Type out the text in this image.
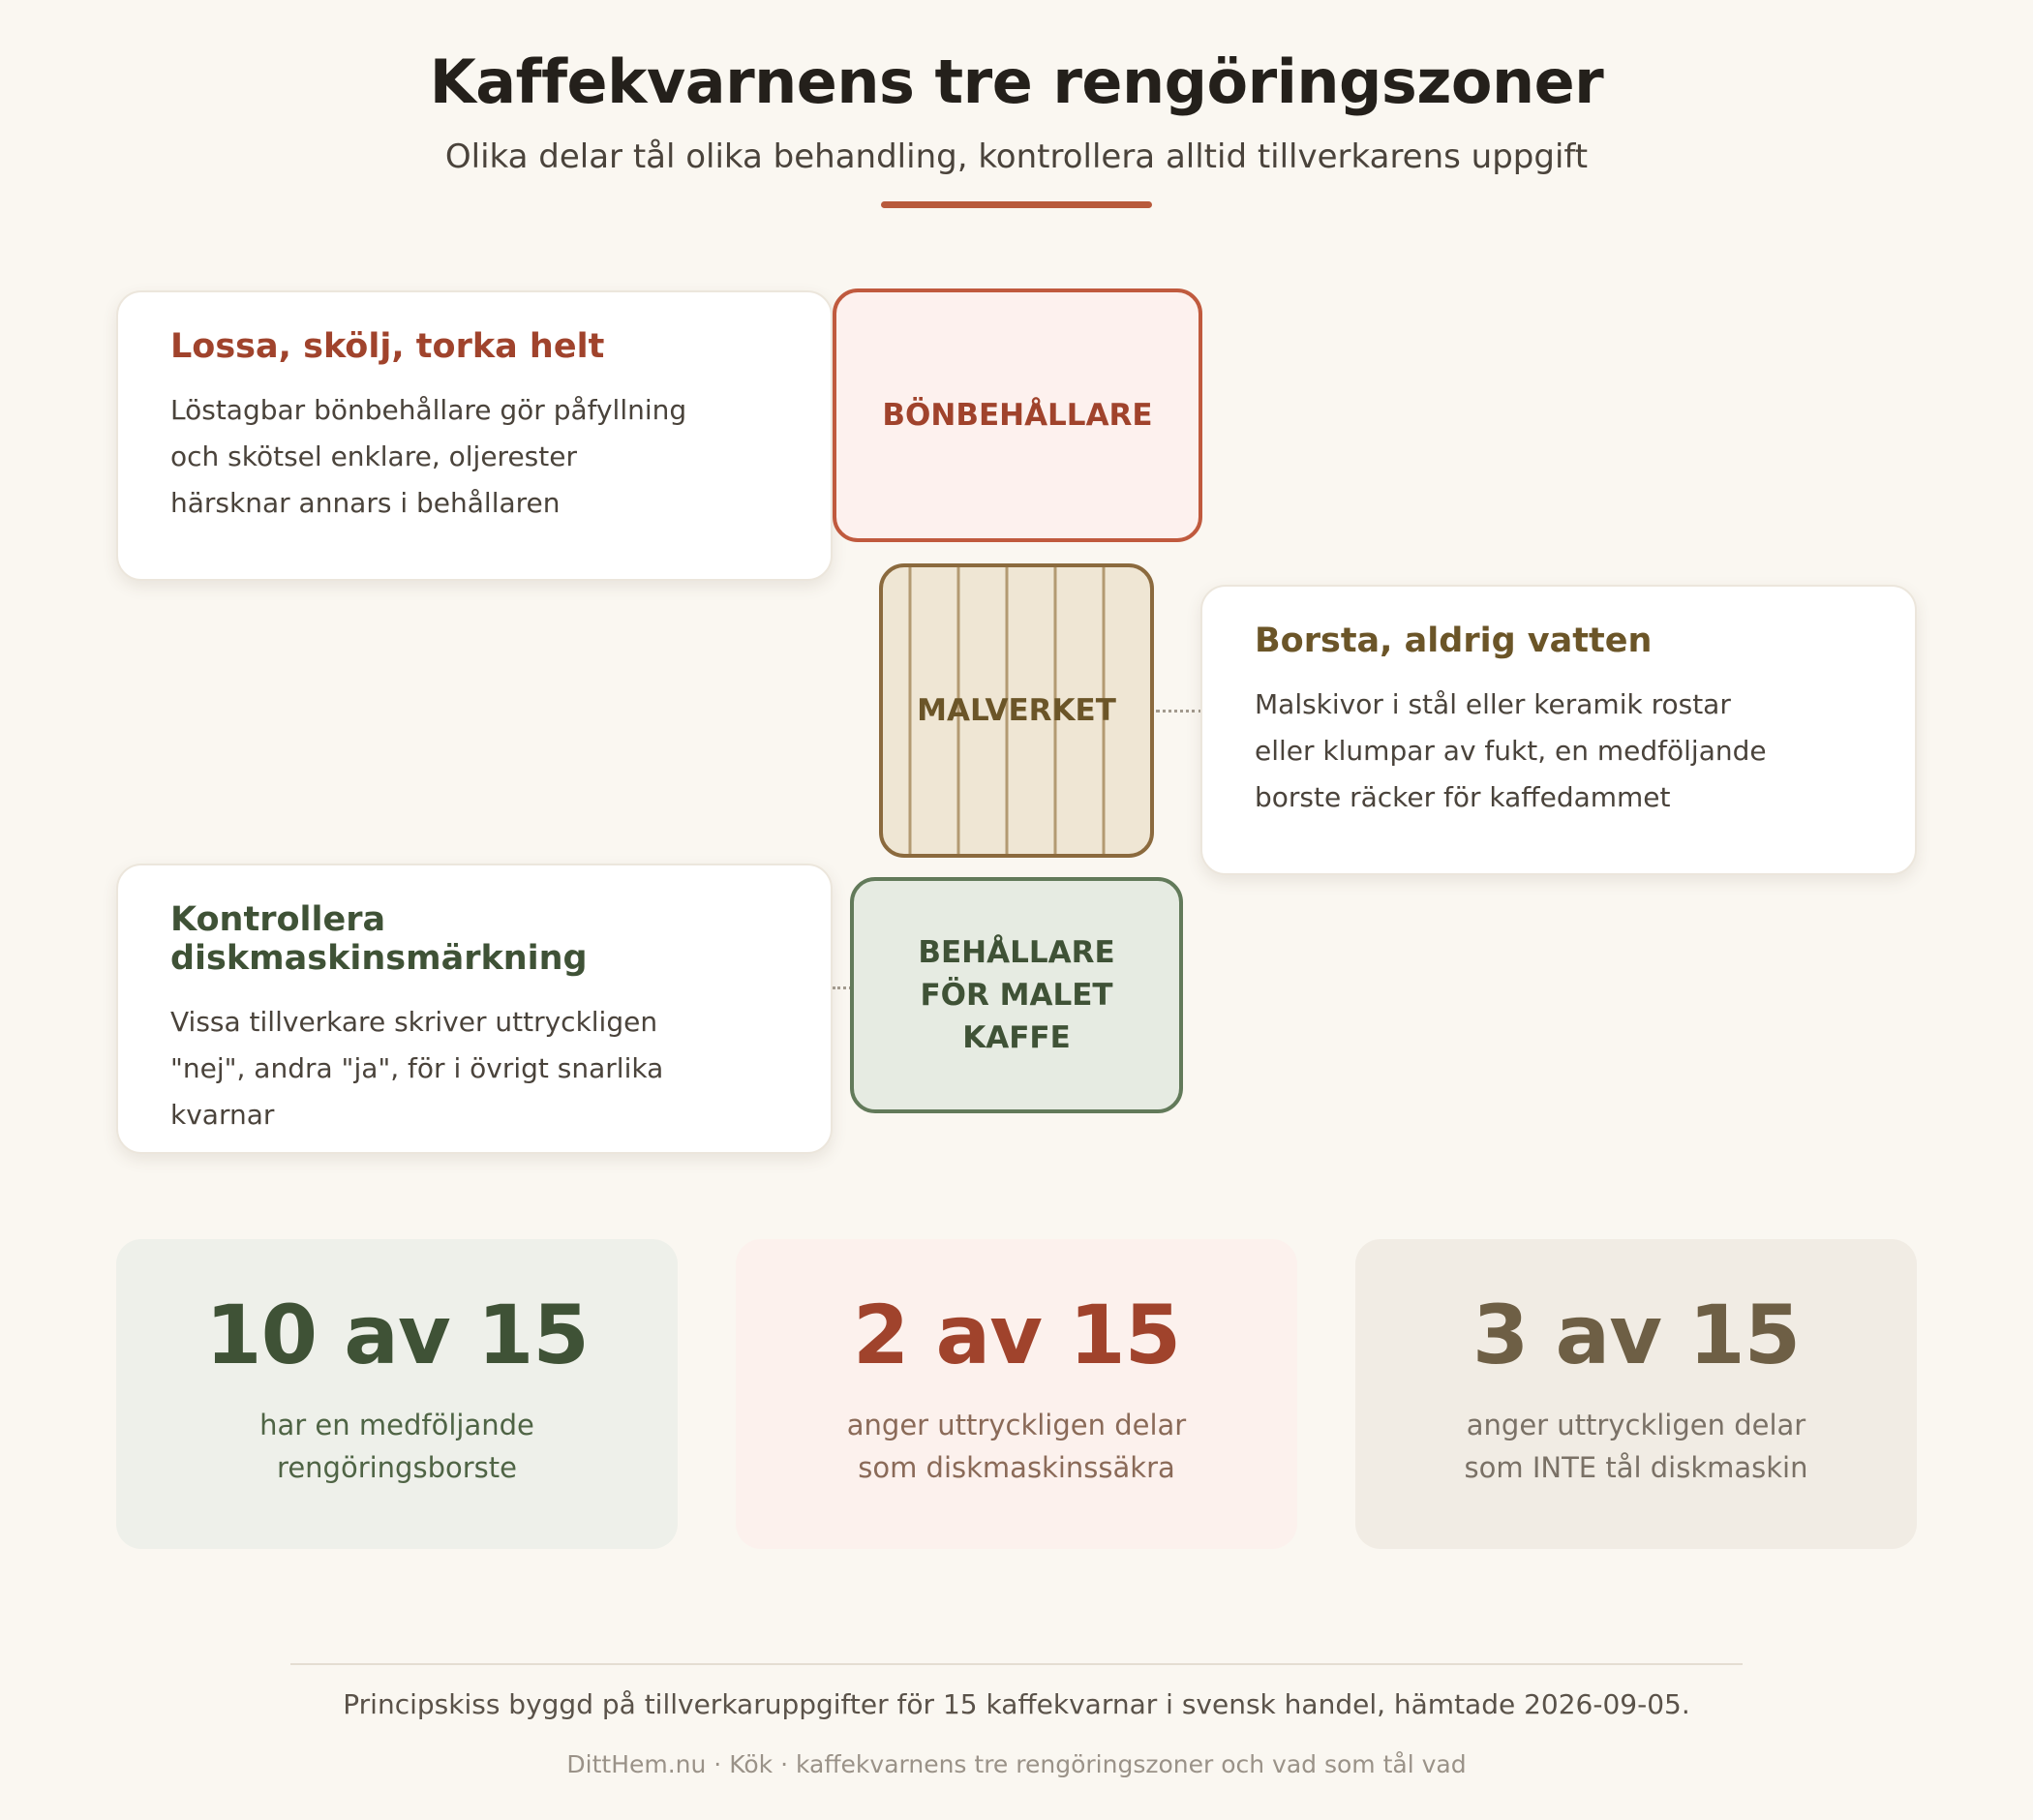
Kaffekvarnens tre rengöringszoner
Olika delar tål olika behandling, kontrollera alltid tillverkarens uppgift
Lossa, skölj, torka helt

Löstagbar bönbehållare gör påfyllning och skötsel enklare, oljerester härsknar annars i behållaren

BÖNBEHÅLLARE
MALVERKET
Borsta, aldrig vatten

Malskivor i stål eller keramik rostar eller klumpar av fukt, en medföljande borste räcker för kaffedammet

Kontrollera diskmaskinsmärkning

Vissa tillverkare skriver uttryckligen "nej", andra "ja", för i övrigt snarlika kvarnar

BEHÅLLARE FÖR MALET KAFFE
10 av 15
har en medföljande rengöringsborste
2 av 15
anger uttryckligen delar som diskmaskinssäkra
3 av 15
anger uttryckligen delar som INTE tål diskmaskin
Principskiss byggd på tillverkaruppgifter för 15 kaffekvarnar i svensk handel, hämtade 2026-09-05.
DittHem.nu · Kök · kaffekvarnens tre rengöringszoner och vad som tål vad
